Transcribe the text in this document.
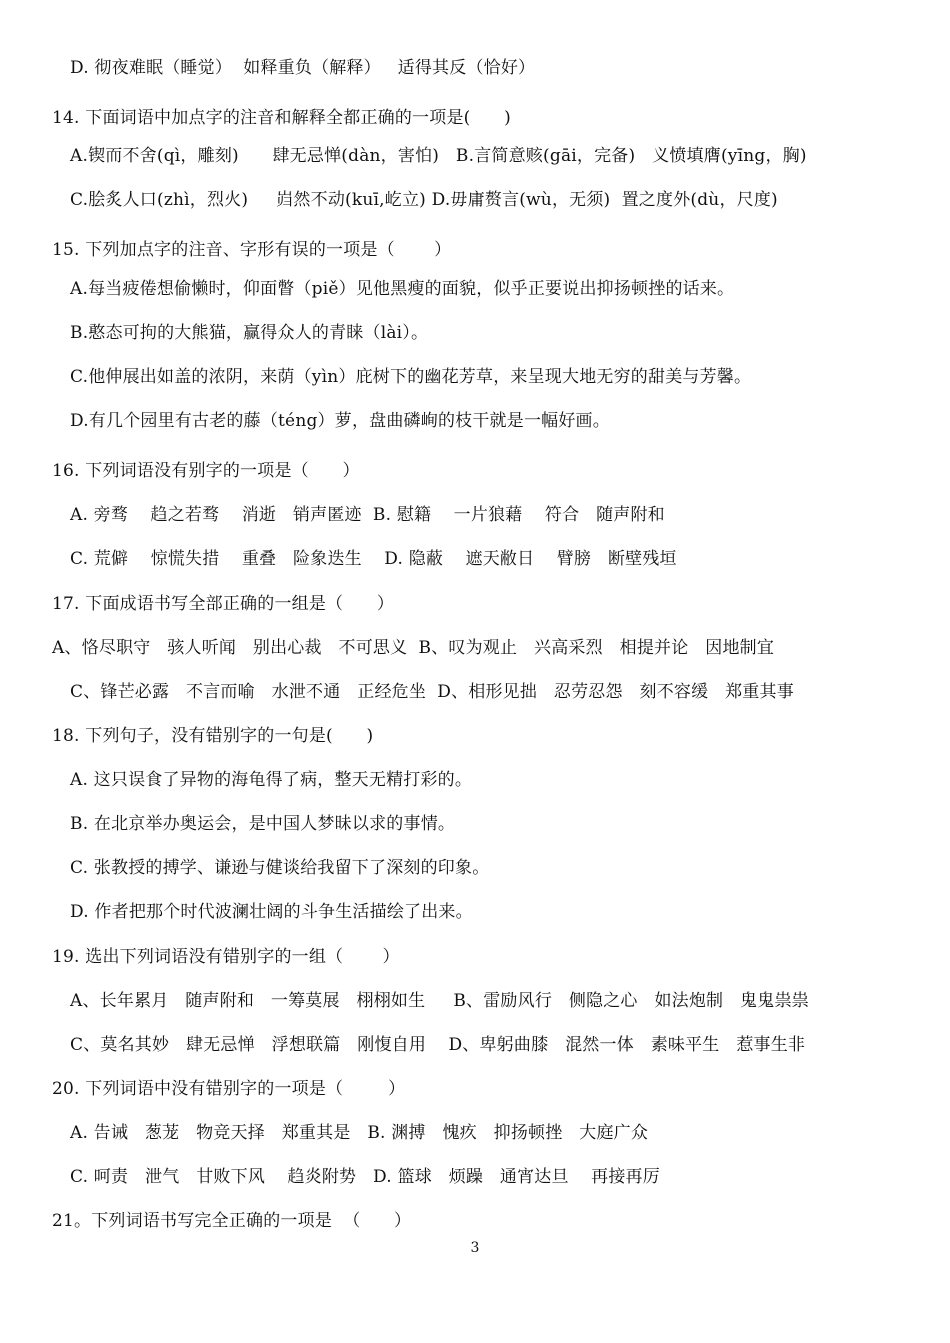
D. 彻夜难眠（睡觉）  如释重负（解释）   适得其反（恰好）
14. 下面词语中加点字的注音和解释全都正确的一项是(      )
A.锲而不舍(qì，雕刻)      肆无忌惮(dàn，害怕)   B.言简意赅(gāi，完备)   义愤填膺(yīng，胸)
C.脍炙人口(zhì，烈火)     岿然不动(kuī,屹立) D.毋庸赘言(wù，无须)  置之度外(dù，尺度)
15. 下列加点字的注音、字形有误的一项是（       ）
A.每当疲倦想偷懒时，仰面瞥（piě）见他黑瘦的面貌，似乎正要说出抑扬顿挫的话来。
B.憨态可拘的大熊猫，赢得众人的青睐（lài）。
C.他伸展出如盖的浓阴，来荫（yìn）庇树下的幽花芳草，来呈现大地无穷的甜美与芳馨。
D.有几个园里有古老的藤（téng）萝，盘曲磷峋的枝干就是一幅好画。
16. 下列词语没有别字的一项是（      ）
A. 旁骛    趋之若骛    消逝   销声匿迹  B. 慰籍    一片狼藉    符合   随声附和
C. 荒僻    惊慌失措    重叠   险象迭生    D. 隐蔽    遮天敝日    臂膀   断壁残垣
17. 下面成语书写全部正确的一组是（      ）
A、恪尽职守   骇人听闻   别出心裁   不可思义  B、叹为观止   兴高采烈   相提并论   因地制宜
C、锋芒必露   不言而喻   水泄不通   正经危坐  D、相形见拙   忍劳忍怨   刻不容缓   郑重其事
18. 下列句子，没有错别字的一句是(      )
A. 这只误食了异物的海龟得了病，整天无精打彩的。
B. 在北京举办奥运会，是中国人梦昧以求的事情。
C. 张教授的搏学、谦逊与健谈给我留下了深刻的印象。
D. 作者把那个时代波澜壮阔的斗争生活描绘了出来。
19. 选出下列词语没有错别字的一组（       ）
A、长年累月   随声附和   一筹莫展   栩栩如生     B、雷励风行   侧隐之心   如法炮制   鬼鬼祟祟
C、莫名其妙   肆无忌惮   浮想联篇   刚愎自用    D、卑躬曲膝   混然一体   素味平生   惹事生非
20. 下列词语中没有错别字的一项是（        ）
A. 告诫   葱茏   物竞天择   郑重其是   B. 渊搏   愧疚   抑扬顿挫   大庭广众
C. 呵责   泄气   甘败下风    趋炎附势   D. 篮球   烦躁   通宵达旦    再接再厉
21。下列词语书写完全正确的一项是  （      ）
3
